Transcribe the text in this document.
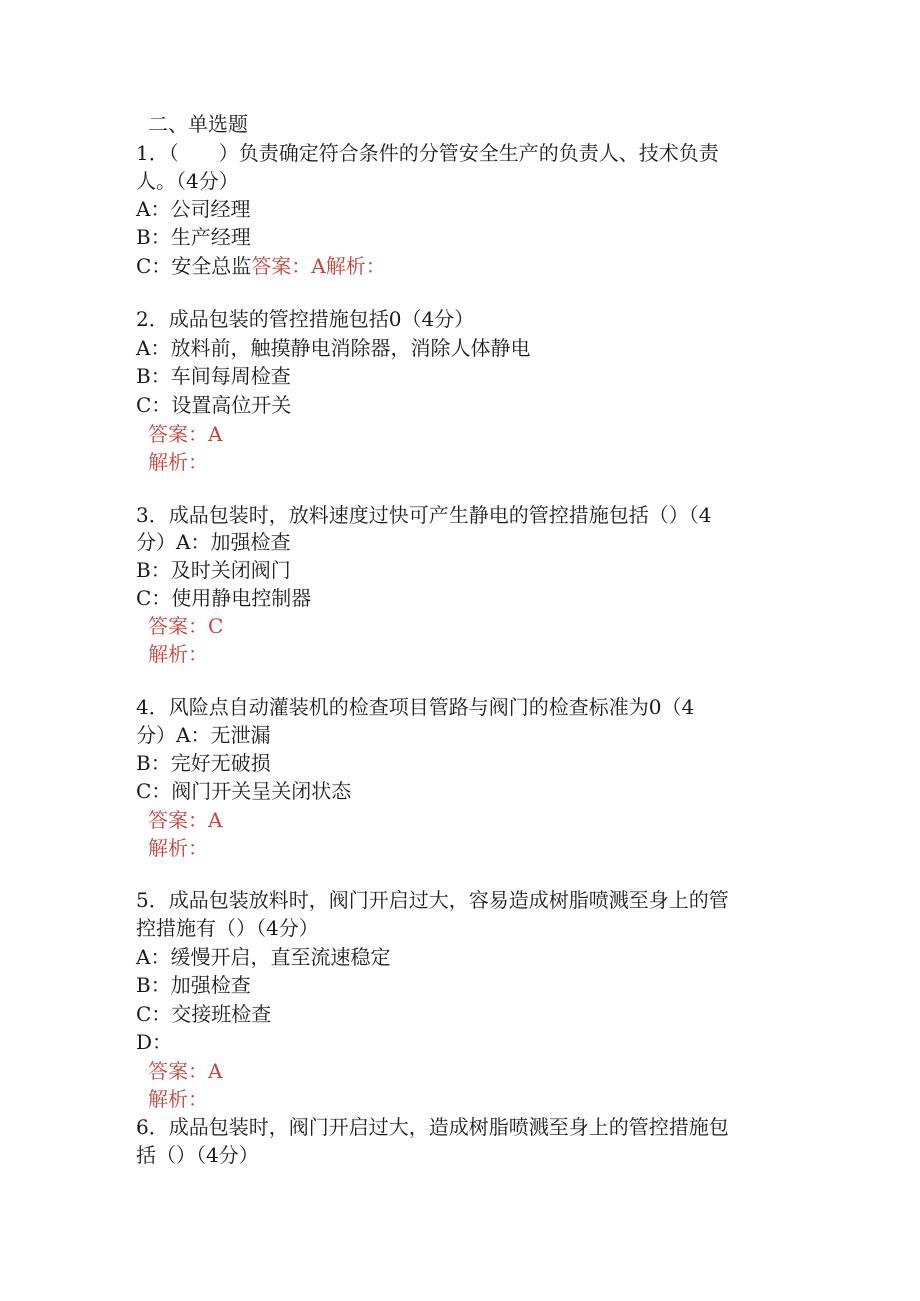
二、单选题
1．（　　）负责确定符合条件的分管安全生产的负责人、技术负责
人。（4分）
A：公司经理
B：生产经理
C：安全总监答案：A解析：
2．成品包装的管控措施包括0（4分）
A：放料前，触摸静电消除器，消除人体静电
B：车间每周检查
C：设置高位开关
答案：A
解析：
3．成品包装时，放料速度过快可产生静电的管控措施包括（）（4
分）A：加强检查
B：及时关闭阀门
C：使用静电控制器
答案：C
解析：
4．风险点自动灌装机的检查项目管路与阀门的检查标准为0（4
分）A：无泄漏
B：完好无破损
C：阀门开关呈关闭状态
答案：A
解析：
5．成品包装放料时，阀门开启过大，容易造成树脂喷溅至身上的管
控措施有（）（4分）
A：缓慢开启，直至流速稳定
B：加强检查
C：交接班检查
D：
答案：A
解析：
6．成品包装时，阀门开启过大，造成树脂喷溅至身上的管控措施包
括（）（4分）
